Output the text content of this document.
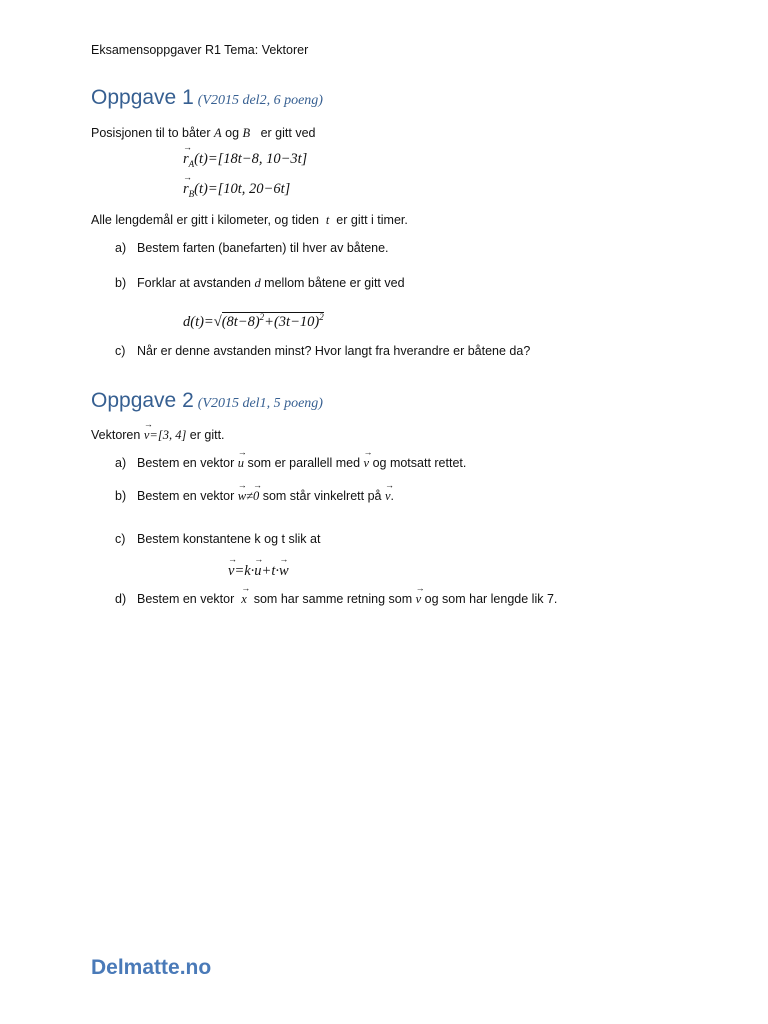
Eksamensoppgaver R1 Tema: Vektorer
Oppgave 1 (V2015 del2, 6 poeng)
Posisjonen til to båter A og B er gitt ved
→ $r_A(t)=[18t-8$, 10−3t]
→ $r_B(t)=[10t$, 20−6t]
Alle lengdemål er gitt i kilometer, og tiden t er gitt i timer.
a) Bestem farten (banefarten) til hver av båtene.
b) Forklar at avstanden d mellom båtene er gitt ved
$d(t)=√(8t-8)^2+(3t-10)^2$
c) Når er denne avstanden minst? Hvor langt fra hverandre er båtene da?
Oppgave 2 (V2015 del1, 5 poeng)
Vektoren → v=[3, 4] er gitt.
a) Bestem en vektor → u som er parallell med → v og motsatt rettet.
b) Bestem en vektor → w≠→ 0 som står vinkelrett på → v.
c) Bestem konstantene k og t slik at
→ v=k·→ u+t·→ w
d) Bestem en vektor → x som har samme retning som → v og som har lengde lik 7.
Delmatte.no
